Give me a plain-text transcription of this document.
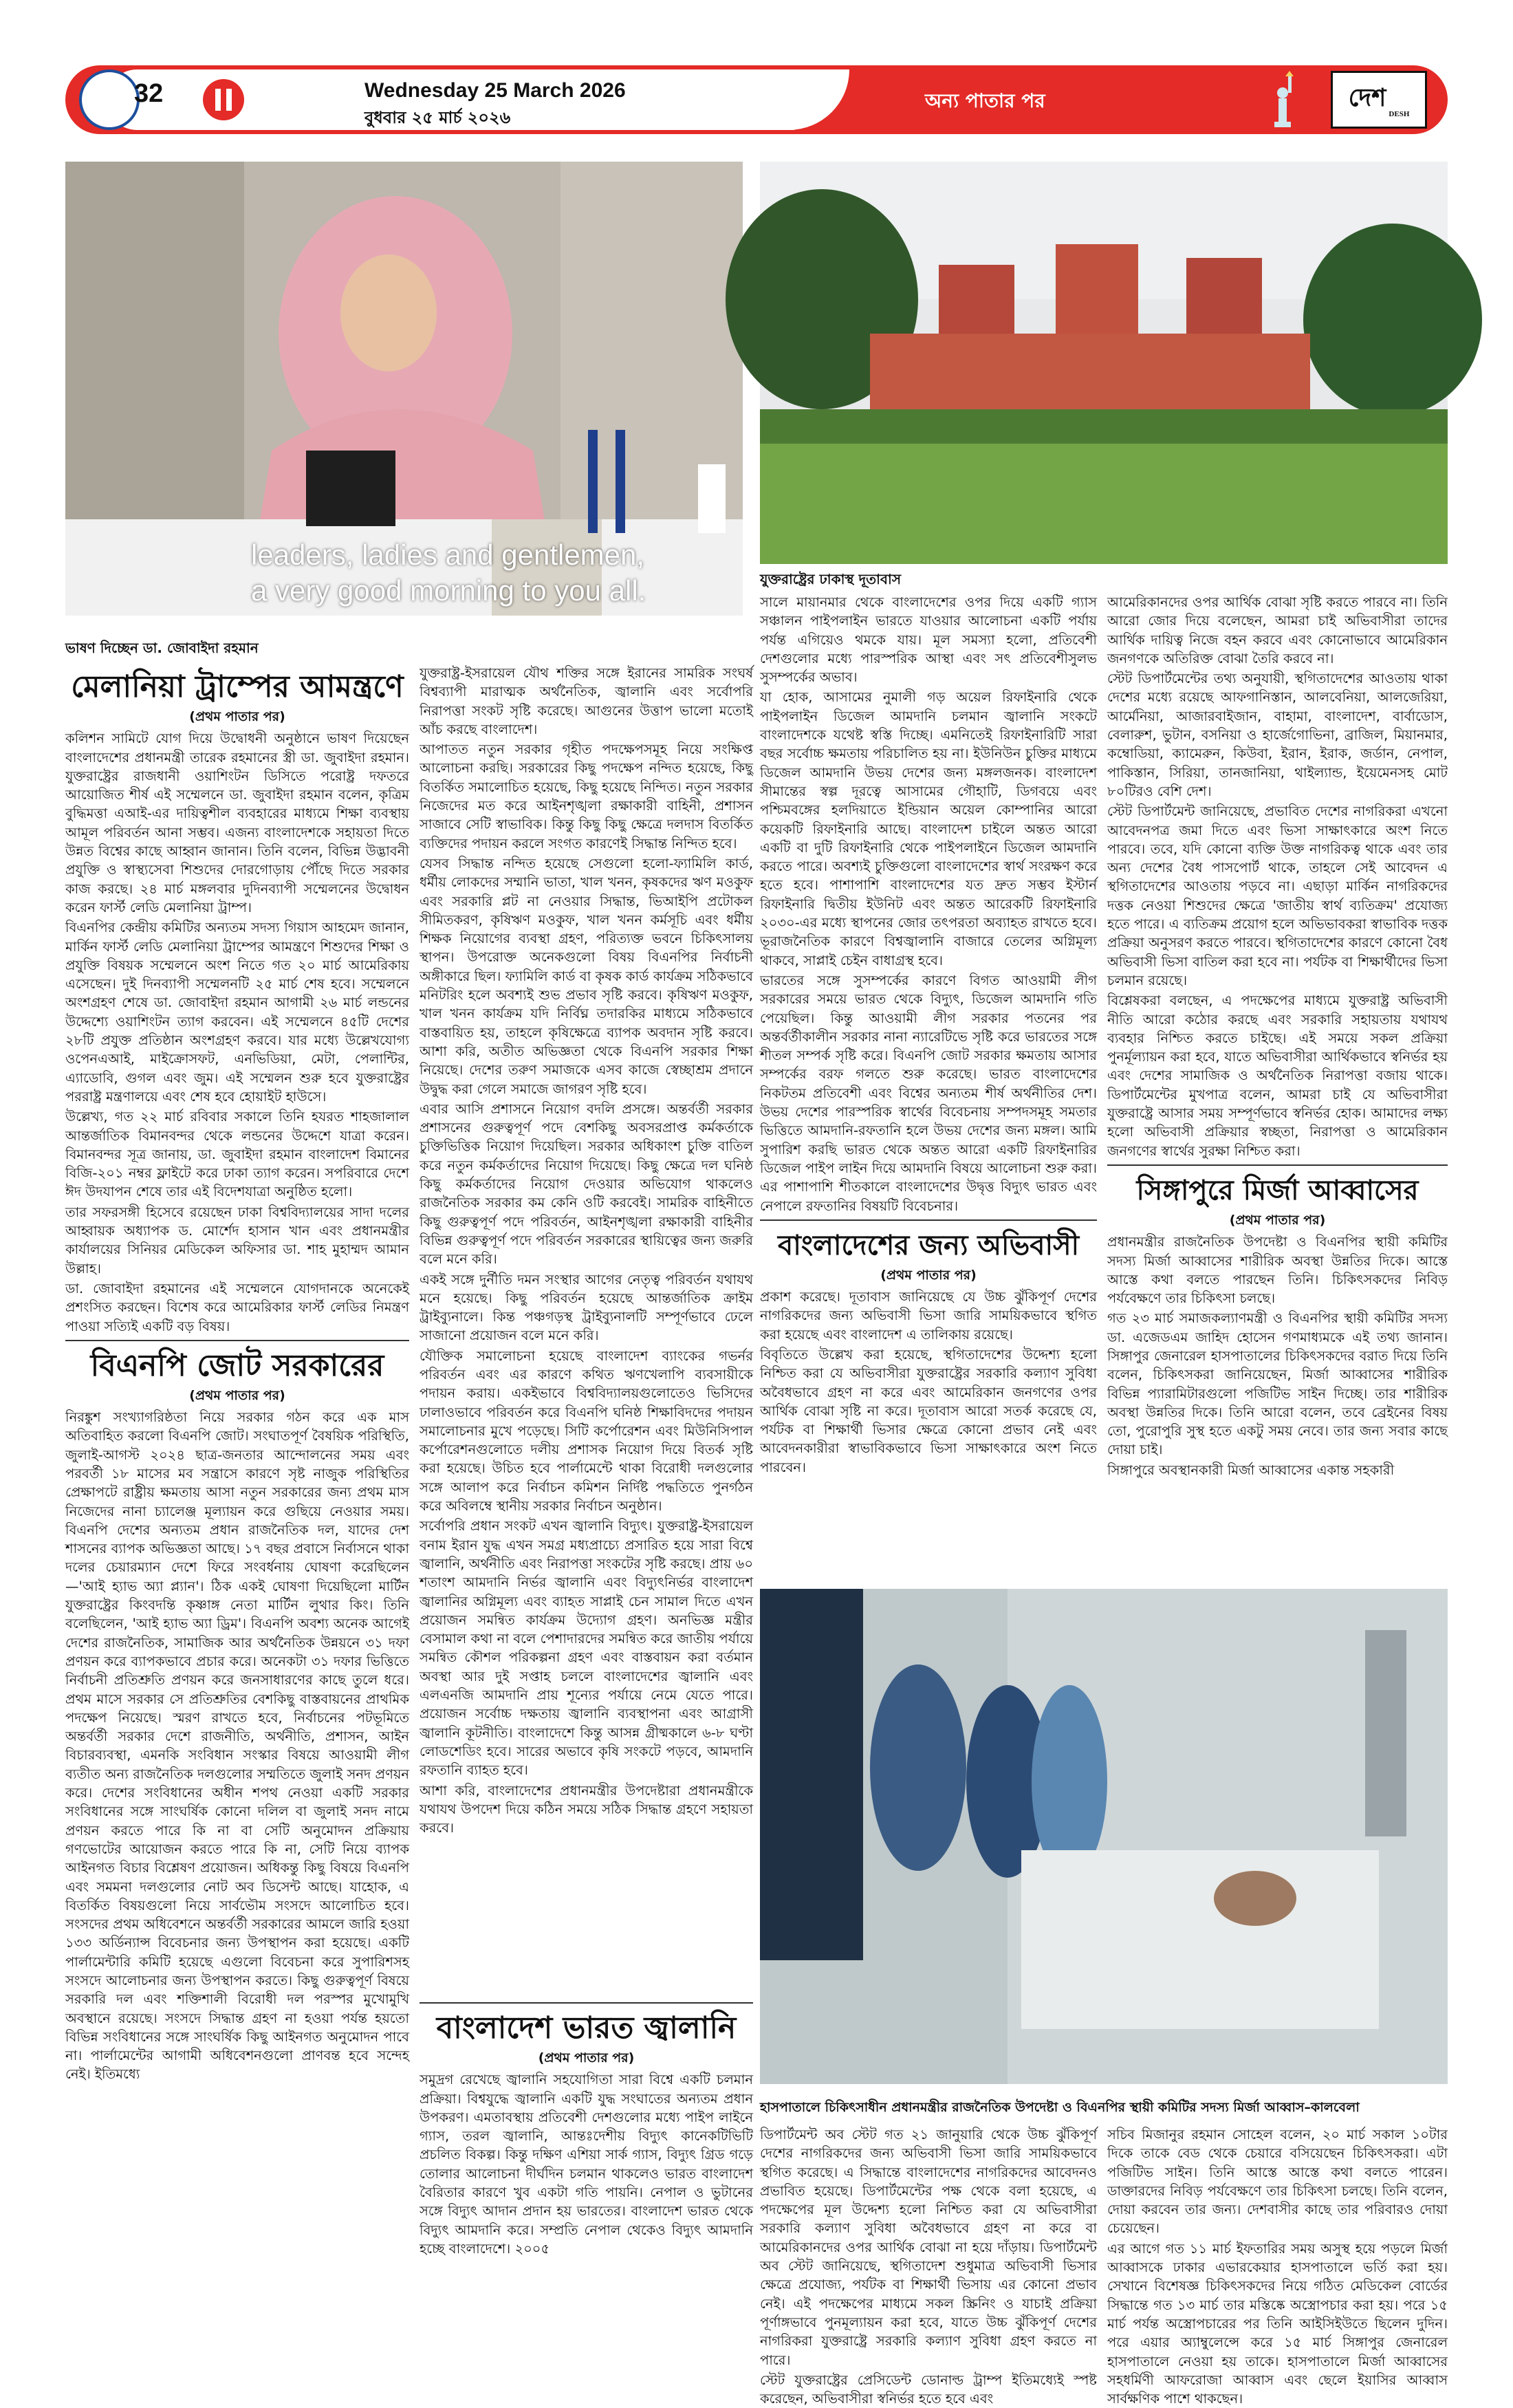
32	Wednesday 25 March 2026
বুধবার ২৫ মার্চ ২০২৬
অন্য পাতার পর	দেশ
DESH
leaders, ladies and gentlemen,
a very good morning to you all.
ভাষণ দিচ্ছেন ডা. জোবাইদা রহমান
যুক্তরাষ্ট্রের ঢাকাস্থ দূতাবাস
হাসপাতালে চিকিৎসাধীন প্রধানমন্ত্রীর রাজনৈতিক উপদেষ্টা ও বিএনপির স্থায়ী কমিটির সদস্য মির্জা আব্বাস–কালবেলা
মেলানিয়া ট্রাম্পের আমন্ত্রণে
(প্রথম পাতার পর)

কলিশন সামিটে যোগ দিয়ে উদ্বোধনী অনুষ্ঠানে ভাষণ দিয়েছেন বাংলাদেশের প্রধানমন্ত্রী তারেক রহমানের স্ত্রী ডা. জুবাইদা রহমান। যুক্তরাষ্ট্রের রাজধানী ওয়াশিংটন ডিসিতে পরোষ্ট্র দফতরে আয়োজিত শীর্ষ এই সম্মেলনে ডা. জুবাইদা রহমান বলেন, কৃত্রিম বুদ্ধিমত্তা এআই-এর দায়িত্বশীল ব্যবহারের মাধ্যমে শিক্ষা ব্যবস্থায় আমূল পরিবর্তন আনা সম্ভব। এজন্য বাংলাদেশকে সহায়তা দিতে উন্নত বিশ্বের কাছে আহ্বান জানান। তিনি বলেন, বিভিন্ন উদ্ভাবনী প্রযুক্তি ও স্বাস্থ্যসেবা শিশুদের দোরগোড়ায় পৌঁছে দিতে সরকার কাজ করছে। ২৪ মার্চ মঙ্গলবার দুদিনব্যাপী সম্মেলনের উদ্বোধন করেন ফার্স্ট লেডি মেলানিয়া ট্রাম্প।

বিএনপির কেন্দ্রীয় কমিটির অন্যতম সদস্য গিয়াস আহমেদ জানান, মার্কিন ফার্স্ট লেডি মেলানিয়া ট্রাম্পের আমন্ত্রণে শিশুদের শিক্ষা ও প্রযুক্তি বিষয়ক সম্মেলনে অংশ নিতে গত ২০ মার্চ আমেরিকায় এসেছেন। দুই দিনব্যাপী সম্মেলনটি ২৫ মার্চ শেষ হবে। সম্মেলনে অংশগ্রহণ শেষে ডা. জোবাইদা রহমান আগামী ২৬ মার্চ লন্ডনের উদ্দেশ্যে ওয়াশিংটন ত্যাগ করবেন। এই সম্মেলনে ৪৫টি দেশের ২৮টি প্রযুক্ত প্রতিষ্ঠান অংশগ্রহণ করবে। যার মধ্যে উল্লেখযোগ্য ওপেনএআই, মাইক্রোসফট, এনভিডিয়া, মেটা, পেলান্টির, এ্যাডোবি, গুগল এবং জুম। এই সম্মেলন শুরু হবে যুক্তরাষ্ট্রের পররাষ্ট্র মন্ত্রণালয়ে এবং শেষ হবে হোয়াইট হাউসে।

উল্লেখ্য, গত ২২ মার্চ রবিবার সকালে তিনি হযরত শাহজালাল আন্তর্জাতিক বিমানবন্দর থেকে লন্ডনের উদ্দেশে যাত্রা করেন। বিমানবন্দর সূত্র জানায়, ডা. জুবাইদা রহমান বাংলাদেশ বিমানের বিজি-২০১ নম্বর ফ্লাইটে করে ঢাকা ত্যাগ করেন। সপরিবারে দেশে ঈদ উদযাপন শেষে তার এই বিদেশযাত্রা অনুষ্ঠিত হলো।

তার সফরসঙ্গী হিসেবে রয়েছেন ঢাকা বিশ্ববিদ্যালয়ের সাদা দলের আহ্বায়ক অধ্যাপক ড. মোর্শেদ হাসান খান এবং প্রধানমন্ত্রীর কার্যালয়ের সিনিয়র মেডিকেল অফিসার ডা. শাহ মুহাম্মদ আমান উল্লাহ।

ডা. জোবাইদা রহমানের এই সম্মেলনে যোগদানকে অনেকেই প্রশংসিত করছেন। বিশেষ করে আমেরিকার ফার্স্ট লেডির নিমন্ত্রণ পাওয়া সত্যিই একটি বড় বিষয়।

বিএনপি জোট সরকারের
(প্রথম পাতার পর)

নিরঙ্কুশ সংখ্যাগরিষ্ঠতা নিয়ে সরকার গঠন করে এক মাস অতিবাহিত করলো বিএনপি জোট। সংঘাতপূর্ণ বৈষয়িক পরিস্থিতি, জুলাই-আগস্ট ২০২৪ ছাত্র-জনতার আন্দোলনের সময় এবং পরবর্তী ১৮ মাসের মব সন্ত্রাসে কারণে সৃষ্ট নাজুক পরিস্থিতির প্রেক্ষাপটে রাষ্ট্রীয় ক্ষমতায় আসা নতুন সরকারের জন্য প্রথম মাস নিজেদের নানা চ্যালেঞ্জ মূল্যায়ন করে গুছিয়ে নেওয়ার সময়। বিএনপি দেশের অন্যতম প্রধান রাজনৈতিক দল, যাদের দেশ শাসনের ব্যাপক অভিজ্ঞতা আছে। ১৭ বছর প্রবাসে নির্বাসনে থাকা দলের চেয়ারম্যান দেশে ফিরে সংবর্ধনায় ঘোষণা করেছিলেন—'আই হ্যাভ অ্যা প্ল্যান'। ঠিক একই ঘোষণা দিয়েছিলো মার্টিন যুক্তরাষ্ট্রের কিংবদন্তি কৃষ্ণাঙ্গ নেতা মার্টিন লুথার কিং। তিনি বলেছিলেন, 'আই হ্যাভ অ্যা ড্রিম'। বিএনপি অবশ্য অনেক আগেই দেশের রাজনৈতিক, সামাজিক আর অর্থনৈতিক উন্নয়নে ৩১ দফা প্রণয়ন করে ব্যাপকভাবে প্রচার করে। অনেকটা ৩১ দফার ভিত্তিতে নির্বাচনী প্রতিশ্রুতি প্রণয়ন করে জনসাধারণের কাছে তুলে ধরে। প্রথম মাসে সরকার সে প্রতিশ্রুতির বেশকিছু বাস্তবায়নের প্রাথমিক পদক্ষেপ নিয়েছে। স্মরণ রাখতে হবে, নির্বাচনের পটভূমিতে অন্তর্বর্তী সরকার দেশে রাজনীতি, অর্থনীতি, প্রশাসন, আইন বিচারব্যবস্থা, এমনকি সংবিধান সংস্কার বিষয়ে আওয়ামী লীগ ব্যতীত অন্য রাজনৈতিক দলগুলোর সম্মতিতে জুলাই সনদ প্রণয়ন করে। দেশের সংবিধানের অধীন শপথ নেওয়া একটি সরকার সংবিধানের সঙ্গে সাংঘর্ষিক কোনো দলিল বা জুলাই সনদ নামে প্রণয়ন করতে পারে কি না বা সেটি অনুমোদন প্রক্রিয়ায় গণভোটের আয়োজন করতে পারে কি না, সেটি নিয়ে ব্যাপক আইনগত বিচার বিশ্লেষণ প্রয়োজন। অধিকন্তু কিছু বিষয়ে বিএনপি এবং সমমনা দলগুলোর নোট অব ডিসেন্ট আছে। যাহোক, এ বিতর্কিত বিষয়গুলো নিয়ে সার্বভৌম সংসদে আলোচিত হবে। সংসদের প্রথম অধিবেশনে অন্তর্বর্তী সরকারের আমলে জারি হওয়া ১৩৩ অর্ডিন্যান্স বিবেচনার জন্য উপস্থাপন করা হয়েছে। একটি পার্লামেন্টারি কমিটি হয়েছে এগুলো বিবেচনা করে সুপারিশসহ সংসদে আলোচনার জন্য উপস্থাপন করতে। কিছু গুরুত্বপূর্ণ বিষয়ে সরকারি দল এবং শক্তিশালী বিরোধী দল পরস্পর মুখোমুখি অবস্থানে রয়েছে। সংসদে সিদ্ধান্ত গ্রহণ না হওয়া পর্যন্ত হয়তো বিভিন্ন সংবিধানের সঙ্গে সাংঘর্ষিক কিছু আইনগত অনুমোদন পাবে না। পার্লামেন্টের আগামী অধিবেশনগুলো প্রাণবন্ত হবে সন্দেহ নেই। ইতিমধ্যে

যুক্তরাষ্ট্র-ইসরায়েল যৌথ শক্তির সঙ্গে ইরানের সামরিক সংঘর্ষ বিশ্বব্যাপী মারাত্মক অর্থনৈতিক, জ্বালানি এবং সর্বোপরি নিরাপত্তা সংকট সৃষ্টি করেছে। আগুনের উত্তাপ ভালো মতোই আঁচ করছে বাংলাদেশ।

আপাতত নতুন সরকার গৃহীত পদক্ষেপসমূহ নিয়ে সংক্ষিপ্ত আলোচনা করছি। সরকারের কিছু পদক্ষেপ নন্দিত হয়েছে, কিছু বিতর্কিত সমালোচিত হয়েছে, কিছু হয়েছে নিন্দিত। নতুন সরকার নিজেদের মত করে আইনশৃঙ্খলা রক্ষাকারী বাহিনী, প্রশাসন সাজাবে সেটি স্বাভাবিক। কিন্তু কিছু কিছু ক্ষেত্রে দলদাস বিতর্কিত ব্যক্তিদের পদায়ন করলে সংগত কারণেই সিদ্ধান্ত নিন্দিত হবে।

যেসব সিদ্ধান্ত নন্দিত হয়েছে সেগুলো হলো-ফ্যামিলি কার্ড, ধর্মীয় লোকদের সম্মানি ভাতা, খাল খনন, কৃষকদের ঋণ মওকুফ এবং সরকারি প্লট না নেওয়ার সিদ্ধান্ত, ভিআইপি প্রটোকল সীমিতকরণ, কৃষিঋণ মওকুফ, খাল খনন কর্মসূচি এবং ধর্মীয় শিক্ষক নিয়োগের ব্যবস্থা গ্রহণ, পরিত্যক্ত ভবনে চিকিৎসালয় স্থাপন। উপরোক্ত অনেকগুলো বিষয় বিএনপির নির্বাচনী অঙ্গীকারে ছিল। ফ্যামিলি কার্ড বা কৃষক কার্ড কার্যক্রম সঠিকভাবে মনিটরিং হলে অবশ্যই শুভ প্রভাব সৃষ্টি করবে। কৃষিঋণ মওকুফ, খাল খনন কার্যক্রম যদি নির্বিঘ্ন তদারকির মাধ্যমে সঠিকভাবে বাস্তবায়িত হয়, তাহলে কৃষিক্ষেত্রে ব্যাপক অবদান সৃষ্টি করবে। আশা করি, অতীত অভিজ্ঞতা থেকে বিএনপি সরকার শিক্ষা নিয়েছে। দেশের তরুণ সমাজকে এসব কাজে স্বেচ্ছাশ্রম প্রদানে উদ্বুদ্ধ করা গেলে সমাজে জাগরণ সৃষ্টি হবে।

এবার আসি প্রশাসনে নিয়োগ বদলি প্রসঙ্গে। অন্তর্বর্তী সরকার প্রশাসনের গুরুত্বপূর্ণ পদে বেশকিছু অবসরপ্রাপ্ত কর্মকর্তাকে চুক্তিভিত্তিক নিয়োগ দিয়েছিল। সরকার অধিকাংশ চুক্তি বাতিল করে নতুন কর্মকর্তাদের নিয়োগ দিয়েছে। কিছু ক্ষেত্রে দল ঘনিষ্ঠ কিছু কর্মকর্তাদের নিয়োগ দেওয়ার অভিযোগ থাকলেও রাজনৈতিক সরকার কম কেনি ওটি করবেই। সামরিক বাহিনীতে কিছু গুরুত্বপূর্ণ পদে পরিবর্তন, আইনশৃঙ্খলা রক্ষাকারী বাহিনীর বিভিন্ন গুরুত্বপূর্ণ পদে পরিবর্তন সরকারের স্থায়িত্বের জন্য জরুরি বলে মনে করি।

একই সঙ্গে দুর্নীতি দমন সংস্থার আগের নেতৃত্ব পরিবর্তন যথাযথ মনে হয়েছে। কিছু পরিবর্তন হয়েছে আন্তর্জাতিক ক্রাইম ট্রাইব্যুনালে। কিন্ত পঞ্চগড়স্থ ট্রাইব্যুনালটি সম্পূর্ণভাবে ঢেলে সাজানো প্রয়োজন বলে মনে করি।

যৌক্তিক সমালোচনা হয়েছে বাংলাদেশ ব্যাংকের গভর্নর পরিবর্তন এবং এর কারণে কথিত ঋণখেলাপি ব্যবসায়ীকে পদায়ন করায়। একইভাবে বিশ্ববিদ্যালয়গুলোতেও ভিসিদের ঢালাওভাবে পরিবর্তন করে বিএনপি ঘনিষ্ঠ শিক্ষাবিদদের পদায়ন সমালোচনার মুখে পড়েছে। সিটি কর্পোরেশন এবং মিউনিসিপাল কর্পোরেশনগুলোতে দলীয় প্রশাসক নিয়োগ দিয়ে বিতর্ক সৃষ্টি করা হয়েছে। উচিত হবে পার্লামেন্টে থাকা বিরোধী দলগুলোর সঙ্গে আলাপ করে নির্বাচন কমিশন নির্দিষ্ট পদ্ধতিতে পুনর্গঠন করে অবিলম্বে স্থানীয় সরকার নির্বাচন অনুষ্ঠান।

সর্বোপরি প্রধান সংকট এখন জ্বালানি বিদ্যুৎ। যুক্তরাষ্ট্র-ইসরায়েল বনাম ইরান যুদ্ধ এখন সমগ্র মধ্যপ্রাচ্যে প্রসারিত হয়ে সারা বিশ্বে জ্বালানি, অর্থনীতি এবং নিরাপত্তা সংকটের সৃষ্টি করছে। প্রায় ৬০ শতাংশ আমদানি নির্ভর জ্বালানি এবং বিদ্যুৎনির্ভর বাংলাদেশ জ্বালানির অগ্নিমূল্য এবং ব্যাহত সাপ্লাই চেন সামাল দিতে এখন প্রয়োজন সমন্বিত কার্যক্রম উদ্যোগ গ্রহণ। অনভিজ্ঞ মন্ত্রীর বেসামাল কথা না বলে পেশাদারদের সমন্বিত করে জাতীয় পর্যায়ে সমন্বিত কৌশল পরিকল্পনা গ্রহণ এবং বাস্তবায়ন করা বর্তমান অবস্থা আর দুই সপ্তাহ চললে বাংলাদেশের জ্বালানি এবং এলএনজি আমদানি প্রায় শূন্যের পর্যায়ে নেমে যেতে পারে। প্রয়োজন সর্বোচ্চ দক্ষতায় জ্বালানি ব্যবস্থাপনা এবং আগ্রাসী জ্বালানি কূটনীতি। বাংলাদেশে কিন্তু আসন্ন গ্রীষ্মকালে ৬-৮ ঘণ্টা লোডশেডিং হবে। সারের অভাবে কৃষি সংকটে পড়বে, আমদানি রফতানি ব্যাহত হবে।

আশা করি, বাংলাদেশের প্রধানমন্ত্রীর উপদেষ্টারা প্রধানমন্ত্রীকে যথাযথ উপদেশ দিয়ে কঠিন সময়ে সঠিক সিদ্ধান্ত গ্রহণে সহায়তা করবে।

বাংলাদেশ ভারত জ্বালানি
(প্রথম পাতার পর)

সমুদ্রগ রেখেছে জ্বালানি সহযোগিতা সারা বিশ্বে একটি চলমান প্রক্রিয়া। বিশ্বযুদ্ধে জ্বালানি একটি যুদ্ধ সংঘাতের অন্যতম প্রধান উপকরণ। এমতাবস্থায় প্রতিবেশী দেশগুলোর মধ্যে পাইপ লাইনে গ্যাস, তরল জ্বালানি, আন্তঃদেশীয় বিদ্যুৎ কানেকটিভিটি প্রচলিত বিকল্প। কিন্তু দক্ষিণ এশিয়া সার্ক গ্যাস, বিদ্যুৎ গ্রিড গড়ে তোলার আলোচনা দীর্ঘদিন চলমান থাকলেও ভারত বাংলাদেশ বৈরিতার কারণে খুব একটা গতি পায়নি। নেপাল ও ভুটানের সঙ্গে বিদ্যুৎ আদান প্রদান হয় ভারতের। বাংলাদেশ ভারত থেকে বিদ্যুৎ আমদানি করে। সম্প্রতি নেপাল থেকেও বিদ্যুৎ আমদানি হচ্ছে বাংলাদেশে। ২০০৫

সালে মায়ানমার থেকে বাংলাদেশের ওপর দিয়ে একটি গ্যাস সঞ্চালন পাইপলাইন ভারতে যাওয়ার আলোচনা একটি পর্যায় পর্যন্ত এগিয়েও থমকে যায়। মূল সমস্যা হলো, প্রতিবেশী দেশগুলোর মধ্যে পারস্পরিক আস্থা এবং সৎ প্রতিবেশীসুলভ সুসম্পর্কের অভাব।

যা হোক, আসামের নুমালী গড় অয়েল রিফাইনারি থেকে পাইপলাইন ডিজেল আমদানি চলমান জ্বালানি সংকটে বাংলাদেশকে যথেষ্ট স্বস্তি দিচ্ছে। এমনিতেই রিফাইনারিটি সারা বছর সর্বোচ্চ ক্ষমতায় পরিচালিত হয় না। ইউনিউন চুক্তির মাধ্যমে ডিজেল আমদানি উভয় দেশের জন্য মঙ্গলজনক। বাংলাদেশ সীমান্তের স্বল্প দূরত্বে আসামের গৌহাটি, ডিগবয়ে এবং পশ্চিমবঙ্গের হলদিয়াতে ইন্ডিয়ান অয়েল কোম্পানির আরো কয়েকটি রিফাইনারি আছে। বাংলাদেশ চাইলে অন্তত আরো একটি বা দুটি রিফাইনারি থেকে পাইপলাইনে ডিজেল আমদানি করতে পারে। অবশ্যই চুক্তিগুলো বাংলাদেশের স্বার্থ সংরক্ষণ করে হতে হবে। পাশাপাশি বাংলাদেশের যত দ্রুত সম্ভব ইস্টার্ন রিফাইনারি দ্বিতীয় ইউনিট এবং অন্তত আরেকটি রিফাইনারি ২০৩০-এর মধ্যে স্থাপনের জোর তৎপরতা অব্যাহত রাখতে হবে। ভূরাজনৈতিক কারণে বিশ্বজ্বালানি বাজারে তেলের অগ্নিমূল্য থাকবে, সাপ্লাই চেইন বাধাগ্রস্থ হবে।

ভারতের সঙ্গে সুসম্পর্কের কারণে বিগত আওয়ামী লীগ সরকারের সময়ে ভারত থেকে বিদ্যুৎ, ডিজেল আমদানি গতি পেয়েছিল। কিন্তু আওয়ামী লীগ সরকার পতনের পর অন্তর্বর্তীকালীন সরকার নানা ন্যারেটিভে সৃষ্টি করে ভারতের সঙ্গে শীতল সম্পর্ক সৃষ্টি করে। বিএনপি জোট সরকার ক্ষমতায় আসার সম্পর্কের বরফ গলতে শুরু করেছে। ভারত বাংলাদেশের নিকটতম প্রতিবেশী এবং বিশ্বের অন্যতম শীর্ষ অর্থনীতির দেশ। উভয় দেশের পারস্পরিক স্বার্থের বিবেচনায় সম্পদসমূহ সমতার ভিত্তিতে আমদানি-রফতানি হলে উভয় দেশের জন্য মঙ্গল। আমি সুপারিশ করছি ভারত থেকে অন্তত আরো একটি রিফাইনারির ডিজেল পাইপ লাইন দিয়ে আমদানি বিষয়ে আলোচনা শুরু করা। এর পাশাপাশি শীতকালে বাংলাদেশের উদ্বৃত্ত বিদ্যুৎ ভারত এবং নেপালে রফতানির বিষয়টি বিবেচনার।

বাংলাদেশের জন্য অভিবাসী
(প্রথম পাতার পর)

প্রকাশ করেছে। দূতাবাস জানিয়েছে যে উচ্চ ঝুঁকিপূর্ণ দেশের নাগরিকদের জন্য অভিবাসী ভিসা জারি সাময়িকভাবে স্থগিত করা হয়েছে এবং বাংলাদেশ এ তালিকায় রয়েছে।

বিবৃতিতে উল্লেখ করা হয়েছে, স্থগিতাদেশের উদ্দেশ্য হলো নিশ্চিত করা যে অভিবাসীরা যুক্তরাষ্ট্রের সরকারি কল্যাণ সুবিধা অবৈধভাবে গ্রহণ না করে এবং আমেরিকান জনগণের ওপর আর্থিক বোঝা সৃষ্টি না করে। দূতাবাস আরো সতর্ক করেছে যে, পর্যটক বা শিক্ষার্থী ভিসার ক্ষেত্রে কোনো প্রভাব নেই এবং আবেদনকারীরা স্বাভাবিকভাবে ভিসা সাক্ষাৎকারে অংশ নিতে পারবেন।

আমেরিকানদের ওপর আর্থিক বোঝা সৃষ্টি করতে পারবে না। তিনি আরো জোর দিয়ে বলেছেন, আমরা চাই অভিবাসীরা তাদের আর্থিক দায়িত্ব নিজে বহন করবে এবং কোনোভাবে আমেরিকান জনগণকে অতিরিক্ত বোঝা তৈরি করবে না।

স্টেট ডিপার্টমেন্টের তথ্য অনুযায়ী, স্থগিতাদেশের আওতায় থাকা দেশের মধ্যে রয়েছে আফগানিস্তান, আলবেনিয়া, আলজেরিয়া, আর্মেনিয়া, আজারবাইজান, বাহামা, বাংলাদেশ, বার্বাডোস, বেলারুশ, ভুটান, বসনিয়া ও হার্জেগোভিনা, ব্রাজিল, মিয়ানমার, কম্বোডিয়া, ক্যামেরুন, কিউবা, ইরান, ইরাক, জর্ডান, নেপাল, পাকিস্তান, সিরিয়া, তানজানিয়া, থাইল্যান্ড, ইয়েমেনসহ মোট ৮০টিরও বেশি দেশ।

স্টেট ডিপার্টমেন্ট জানিয়েছে, প্রভাবিত দেশের নাগরিকরা এখনো আবেদনপত্র জমা দিতে এবং ভিসা সাক্ষাৎকারে অংশ নিতে পারবে। তবে, যদি কোনো ব্যক্তি উক্ত নাগরিকত্ব থাকে এবং তার অন্য দেশের বৈধ পাসপোর্ট থাকে, তাহলে সেই আবেদন এ স্থগিতাদেশের আওতায় পড়বে না। এছাড়া মার্কিন নাগরিকদের দত্তক নেওয়া শিশুদের ক্ষেত্রে 'জাতীয় স্বার্থ ব্যতিক্রম' প্রযোজ্য হতে পারে। এ ব্যতিক্রম প্রয়োগ হলে অভিভাবকরা স্বাভাবিক দত্তক প্রক্রিয়া অনুসরণ করতে পারবে। স্থগিতাদেশের কারণে কোনো বৈধ অভিবাসী ভিসা বাতিল করা হবে না। পর্যটক বা শিক্ষার্থীদের ভিসা চলমান রয়েছে।

বিশ্লেষকরা বলছেন, এ পদক্ষেপের মাধ্যমে যুক্তরাষ্ট্র অভিবাসী নীতি আরো কঠোর করছে এবং সরকারি সহায়তায় যথাযথ ব্যবহার নিশ্চিত করতে চাইছে। এই সময়ে সকল প্রক্রিয়া পুনর্মূল্যায়ন করা হবে, যাতে অভিবাসীরা আর্থিকভাবে স্বনির্ভর হয় এবং দেশের সামাজিক ও অর্থনৈতিক নিরাপত্তা বজায় থাকে। ডিপার্টমেন্টের মুখপাত্র বলেন, আমরা চাই যে অভিবাসীরা যুক্তরাষ্ট্রে আসার সময় সম্পূর্ণভাবে স্বনির্ভর হোক। আমাদের লক্ষ্য হলো অভিবাসী প্রক্রিয়ার স্বচ্ছতা, নিরাপত্তা ও আমেরিকান জনগণের স্বার্থের সুরক্ষা নিশ্চিত করা।

সিঙ্গাপুরে মির্জা আব্বাসের
(প্রথম পাতার পর)

প্রধানমন্ত্রীর রাজনৈতিক উপদেষ্টা ও বিএনপির স্থায়ী কমিটির সদস্য মির্জা আব্বাসের শারীরিক অবস্থা উন্নতির দিকে। আস্তে আস্তে কথা বলতে পারছেন তিনি। চিকিৎসকদের নিবিড় পর্যবেক্ষণে তার চিকিৎসা চলছে।

গত ২৩ মার্চ সমাজকল্যাণমন্ত্রী ও বিএনপির স্থায়ী কমিটির সদস্য ডা. এজেডএম জাহিদ হোসেন গণমাধ্যমকে এই তথ্য জানান। সিঙ্গাপুর জেনারেল হাসপাতালের চিকিৎসকদের বরাত দিয়ে তিনি বলেন, চিকিৎসকরা জানিয়েছেন, মির্জা আব্বাসের শারীরিক বিভিন্ন প্যারামিটারগুলো পজিটিভ সাইন দিচ্ছে। তার শারীরিক অবস্থা উন্নতির দিকে। তিনি আরো বলেন, তবে ব্রেইনের বিষয় তো, পুরোপুরি সুস্থ হতে একটু সময় নেবে। তার জন্য সবার কাছে দোয়া চাই।

সিঙ্গাপুরে অবস্থানকারী মির্জা আব্বাসের একান্ত সহকারী

ডিপার্টমেন্ট অব স্টেট গত ২১ জানুয়ারি থেকে উচ্চ ঝুঁকিপূর্ণ দেশের নাগরিকদের জন্য অভিবাসী ভিসা জারি সাময়িকভাবে স্থগিত করেছে। এ সিদ্ধান্তে বাংলাদেশের নাগরিকদের আবেদনও প্রভাবিত হয়েছে। ডিপার্টমেন্টের পক্ষ থেকে বলা হয়েছে, এ পদক্ষেপের মূল উদ্দেশ্য হলো নিশ্চিত করা যে অভিবাসীরা সরকারি কল্যাণ সুবিধা অবৈধভাবে গ্রহণ না করে বা আমেরিকানদের ওপর আর্থিক বোঝা না হয়ে দাঁড়ায়। ডিপার্টমেন্ট অব স্টেট জানিয়েছে, স্থগিতাদেশ শুধুমাত্র অভিবাসী ভিসার ক্ষেত্রে প্রযোজ্য, পর্যটক বা শিক্ষার্থী ভিসায় এর কোনো প্রভাব নেই। এই পদক্ষেপের মাধ্যমে সকল স্ক্রিনিং ও যাচাই প্রক্রিয়া পূর্ণাঙ্গভাবে পুনমূল্যায়ন করা হবে, যাতে উচ্চ ঝুঁকিপূর্ণ দেশের নাগরিকরা যুক্তরাষ্ট্রে সরকারি কল্যাণ সুবিধা গ্রহণ করতে না পারে।

স্টেট যুক্তরাষ্ট্রের প্রেসিডেন্ট ডোনাল্ড ট্রাম্প ইতিমধ্যেই স্পষ্ট করেছেন, অভিবাসীরা স্বনির্ভর হতে হবে এবং

সচিব মিজানুর রহমান সোহেল বলেন, ২০ মার্চ সকাল ১০টার দিকে তাকে বেড থেকে চেয়ারে বসিয়েছেন চিকিৎসকরা। এটা পজিটিভ সাইন। তিনি আস্তে আস্তে কথা বলতে পারেন। ডাক্তারদের নিবিড় পর্যবেক্ষণে তার চিকিৎসা চলছে। তিনি বলেন, দোয়া করবেন তার জন্য। দেশবাসীর কাছে তার পরিবারও দোয়া চেয়েছেন।

এর আগে গত ১১ মার্চ ইফতারির সময় অসুস্থ হয়ে পড়লে মির্জা আব্বাসকে ঢাকার এভারকেয়ার হাসপাতালে ভর্তি করা হয়। সেখানে বিশেষজ্ঞ চিকিৎসকদের নিয়ে গঠিত মেডিকেল বোর্ডের সিদ্ধান্তে গত ১৩ মার্চ তার মস্তিষ্কে অস্ত্রোপচার করা হয়। পরে ১৫ মার্চ পর্যন্ত অস্ত্রোপচারের পর তিনি আইসিইউতে ছিলেন দুদিন। পরে এয়ার অ্যাম্বুলেন্সে করে ১৫ মার্চ সিঙ্গাপুর জেনারেল হাসপাতালে নেওয়া হয় তাকে। হাসপাতালে মির্জা আব্বাসের সহধর্মিণী আফরোজা আব্বাস এবং ছেলে ইয়াসির আব্বাস সার্বক্ষণিক পাশে থাকছেন।
